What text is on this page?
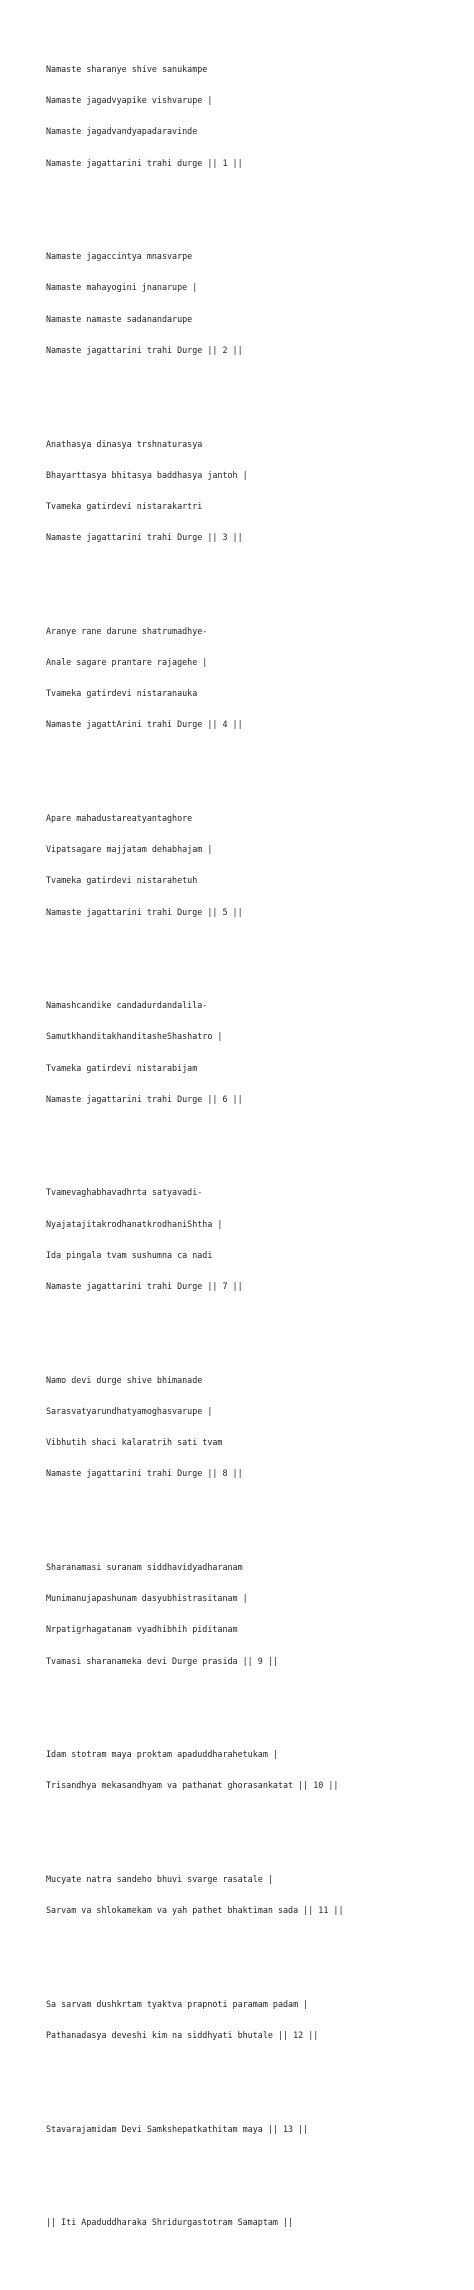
Namaste sharanye shive sanukampe

Namaste jagadvyapike vishvarupe |

Namaste jagadvandyapadaravinde

Namaste jagattarini trahi durge || 1 ||

Namaste jagaccintya mnasvarpe

Namaste mahayogini jnanarupe |

Namaste namaste sadanandarupe

Namaste jagattarini trahi Durge || 2 ||

Anathasya dinasya trshnaturasya

Bhayarttasya bhitasya baddhasya jantoh |

Tvameka gatirdevi nistarakartri

Namaste jagattarini trahi Durge || 3 ||

Aranye rane darune shatrumadhye-

Anale sagare prantare rajagehe |

Tvameka gatirdevi nistaranauka

Namaste jagattArini trahi Durge || 4 ||

Apare mahadustareatyantaghore

Vipatsagare majjatam dehabhajam |

Tvameka gatirdevi nistarahetuh

Namaste jagattarini trahi Durge || 5 ||

Namashcandike candadurdandalila-

SamutkhanditakhanditasheShashatro |

Tvameka gatirdevi nistarabijam

Namaste jagattarini trahi Durge || 6 ||

Tvamevaghabhavadhrta satyavadi-

NyajatajitakrodhanatkrodhaniShtha |

Ida pingala tvam sushumna ca nadi

Namaste jagattarini trahi Durge || 7 ||

Namo devi durge shive bhimanade

Sarasvatyarundhatyamoghasvarupe |

Vibhutih shaci kalaratrih sati tvam

Namaste jagattarini trahi Durge || 8 ||

Sharanamasi suranam siddhavidyadharanam

Munimanujapashunam dasyubhistrasitanam |

Nrpatigrhagatanam vyadhibhih piditanam

Tvamasi sharanameka devi Durge prasida || 9 ||

Idam stotram maya proktam apaduddharahetukam |

Trisandhya mekasandhyam va pathanat ghorasankatat || 10 ||

Mucyate natra sandeho bhuvi svarge rasatale |

Sarvam va shlokamekam va yah pathet bhaktiman sada || 11 ||

Sa sarvam dushkrtam tyaktva prapnoti paramam padam |

Pathanadasya deveshi kim na siddhyati bhutale || 12 ||

Stavarajamidam Devi Samkshepatkathitam maya || 13 ||

|| Iti Apaduddharaka Shridurgastotram Samaptam ||
